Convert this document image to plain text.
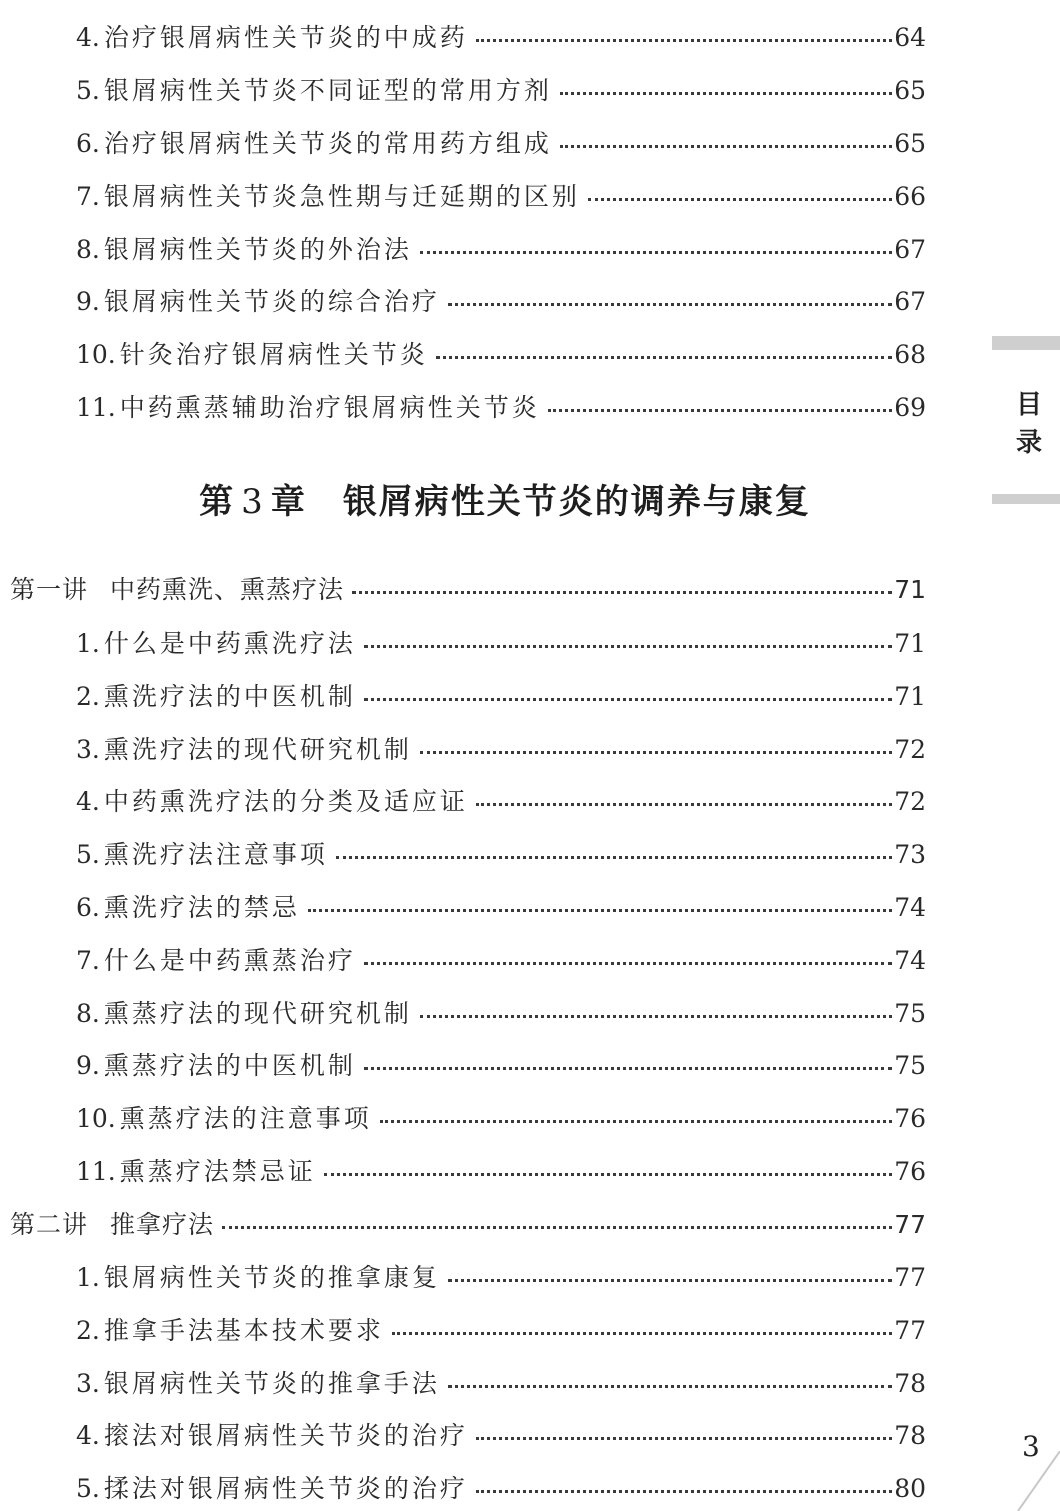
4. 治疗银屑病性关节炎的中成药	64
5. 银屑病性关节炎不同证型的常用方剂	65
6. 治疗银屑病性关节炎的常用药方组成	65
7. 银屑病性关节炎急性期与迁延期的区别	66
8. 银屑病性关节炎的外治法	67
9. 银屑病性关节炎的综合治疗	67
10. 针灸治疗银屑病性关节炎	68
11. 中药熏蒸辅助治疗银屑病性关节炎	69
第 3 章 银屑病性关节炎的调养与康复
第一讲 中药熏洗、熏蒸疗法	71
1. 什么是中药熏洗疗法	71
2. 熏洗疗法的中医机制	71
3. 熏洗疗法的现代研究机制	72
4. 中药熏洗疗法的分类及适应证	72
5. 熏洗疗法注意事项	73
6. 熏洗疗法的禁忌	74
7. 什么是中药熏蒸治疗	74
8. 熏蒸疗法的现代研究机制	75
9. 熏蒸疗法的中医机制	75
10. 熏蒸疗法的注意事项	76
11. 熏蒸疗法禁忌证	76
第二讲 推拿疗法	77
1. 银屑病性关节炎的推拿康复	77
2. 推拿手法基本技术要求	77
3. 银屑病性关节炎的推拿手法	78
4. 㨰法对银屑病性关节炎的治疗	78
5. 揉法对银屑病性关节炎的治疗	80
目
录
3
